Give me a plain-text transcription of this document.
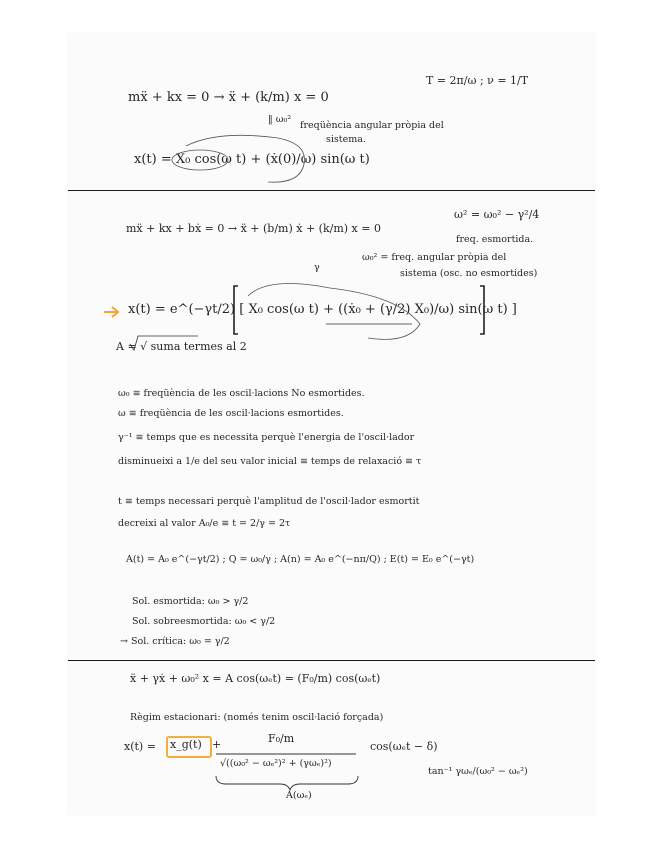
mẍ + kx = 0 → ẍ + (k/m) x = 0
T = 2π/ω ; ν = 1/T
‖ ω₀²
freqüència angular pròpia del
sistema.
x(t) = X₀ cos(ω t) + (ẋ(0)/ω) sin(ω t)
mẍ + kx + bẋ = 0 → ẍ + (b/m) ẋ + (k/m) x = 0
ω² = ω₀² − γ²/4
freq. esmortida.
γ
ω₀² = freq. angular pròpia del
sistema (osc. no esmortides)
x(t) = e^(−γt/2) [ X₀ cos(ω t) + ((ẋ₀ + (γ/2) X₀)/ω) sin(ω t) ]
A = √ suma termes al 2
ω₀ ≡ freqüència de les oscil·lacions No esmortides.
ω ≡ freqüència de les oscil·lacions esmortides.
γ⁻¹ ≡ temps que es necessita perquè l'energia de l'oscil·lador
disminueixi a 1/e del seu valor inicial ≡ temps de relaxació ≡ τ
t ≡ temps necessari perquè l'amplitud de l'oscil·lador esmortit
decreixi al valor A₀/e ≡ t = 2/γ = 2τ
A(t) = A₀ e^(−γt/2) ; Q = ω₀/γ ; A(n) = A₀ e^(−nπ/Q) ; E(t) = E₀ e^(−γt)
Sol. esmortida: ω₀ > γ/2
Sol. sobreesmortida: ω₀ < γ/2
→ Sol. crítica: ω₀ = γ/2
ẍ + γẋ + ω₀² x = A cos(ωₑt) = (F₀/m) cos(ωₑt)
Règim estacionari: (només tenim oscil·lació forçada)
x(t) = x_g(t) +	F₀/m
√((ω₀² − ωₑ²)² + (γωₑ)²)
cos(ωₑt − δ)
tan⁻¹ γωₑ/(ω₀² − ωₑ²)
A(ωₑ)
